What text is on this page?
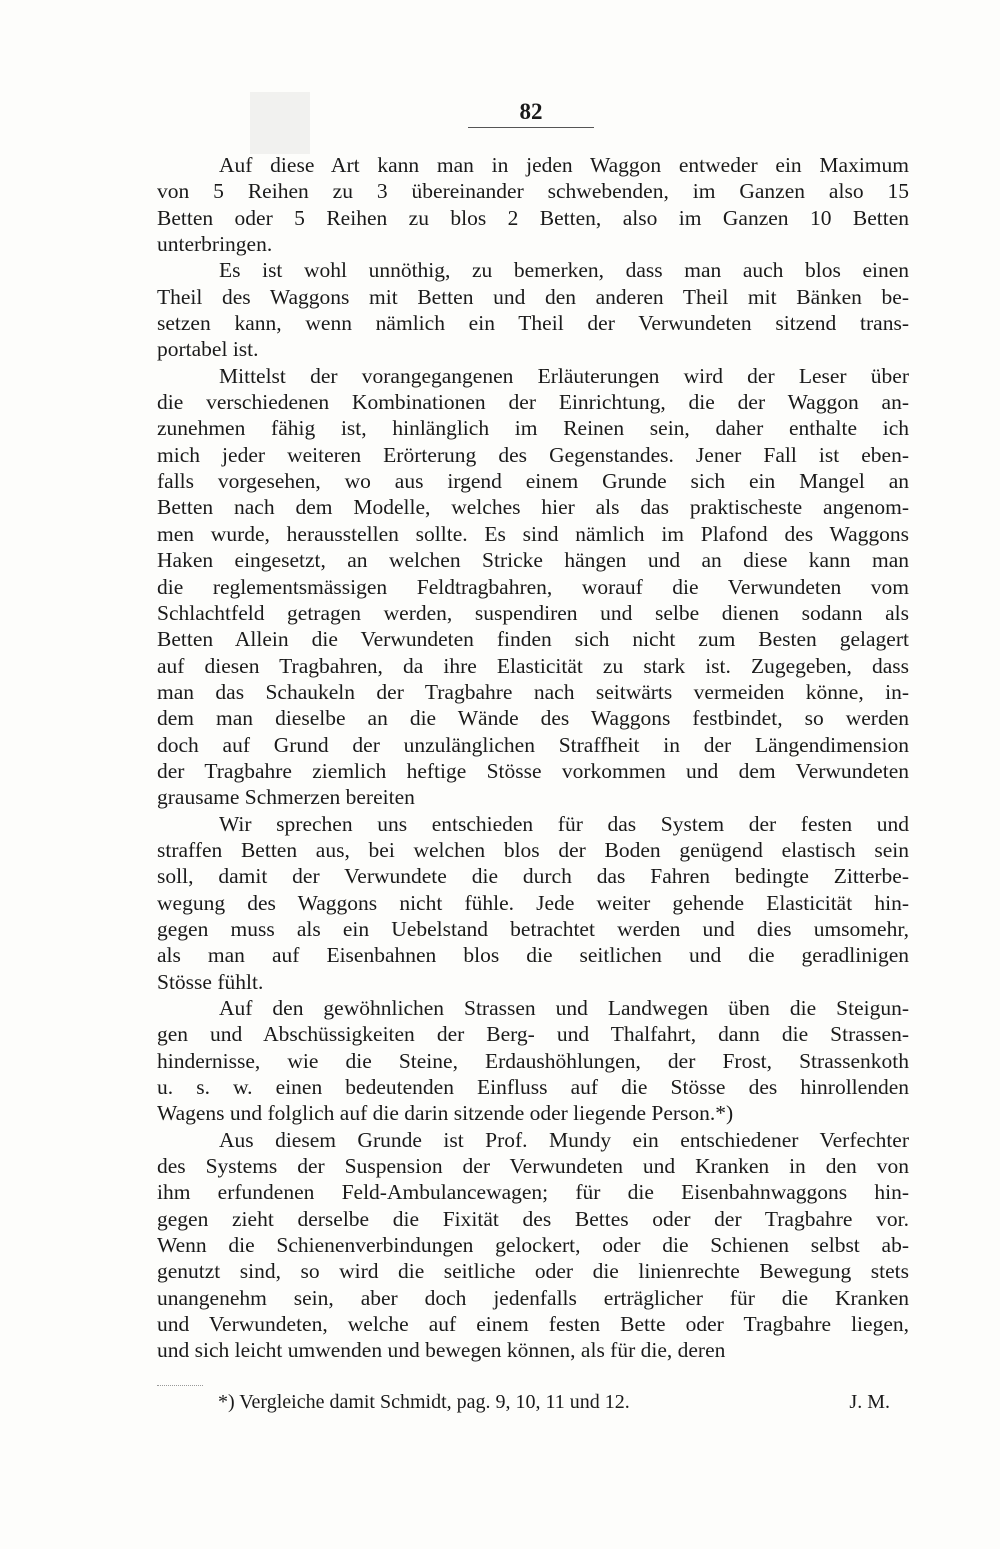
82
Auf diese Art kann man in jeden Waggon entweder ein Maximum
von 5 Reihen zu 3 übereinander schwebenden, im Ganzen also 15
Betten oder 5 Reihen zu blos 2 Betten, also im Ganzen 10 Betten
unterbringen.
Es ist wohl unnöthig, zu bemerken, dass man auch blos einen
Theil des Waggons mit Betten und den anderen Theil mit Bänken be-
setzen kann, wenn nämlich ein Theil der Verwundeten sitzend trans-
portabel ist.
Mittelst der vorangegangenen Erläuterungen wird der Leser über
die verschiedenen Kombinationen der Einrichtung, die der Waggon an-
zunehmen fähig ist, hinlänglich im Reinen sein, daher enthalte ich
mich jeder weiteren Erörterung des Gegenstandes. Jener Fall ist eben-
falls vorgesehen, wo aus irgend einem Grunde sich ein Mangel an
Betten nach dem Modelle, welches hier als das praktischeste angenom-
men wurde, herausstellen sollte. Es sind nämlich im Plafond des Waggons
Haken eingesetzt, an welchen Stricke hängen und an diese kann man
die reglementsmässigen Feldtragbahren, worauf die Verwundeten vom
Schlachtfeld getragen werden, suspendiren und selbe dienen sodann als
Betten Allein die Verwundeten finden sich nicht zum Besten gelagert
auf diesen Tragbahren, da ihre Elasticität zu stark ist. Zugegeben, dass
man das Schaukeln der Tragbahre nach seitwärts vermeiden könne, in-
dem man dieselbe an die Wände des Waggons festbindet, so werden
doch auf Grund der unzulänglichen Straffheit in der Längendimension
der Tragbahre ziemlich heftige Stösse vorkommen und dem Verwundeten
grausame Schmerzen bereiten
Wir sprechen uns entschieden für das System der festen und
straffen Betten aus, bei welchen blos der Boden genügend elastisch sein
soll, damit der Verwundete die durch das Fahren bedingte Zitterbe-
wegung des Waggons nicht fühle. Jede weiter gehende Elasticität hin-
gegen muss als ein Uebelstand betrachtet werden und dies umsomehr,
als man auf Eisenbahnen blos die seitlichen und die geradlinigen
Stösse fühlt.
Auf den gewöhnlichen Strassen und Landwegen üben die Steigun-
gen und Abschüssigkeiten der Berg- und Thalfahrt, dann die Strassen-
hindernisse, wie die Steine, Erdaushöhlungen, der Frost, Strassenkoth
u. s. w. einen bedeutenden Einfluss auf die Stösse des hinrollenden
Wagens und folglich auf die darin sitzende oder liegende Person.*)
Aus diesem Grunde ist Prof. Mundy ein entschiedener Verfechter
des Systems der Suspension der Verwundeten und Kranken in den von
ihm erfundenen Feld-Ambulancewagen; für die Eisenbahnwaggons hin-
gegen zieht derselbe die Fixität des Bettes oder der Tragbahre vor.
Wenn die Schienenverbindungen gelockert, oder die Schienen selbst ab-
genutzt sind, so wird die seitliche oder die linienrechte Bewegung stets
unangenehm sein, aber doch jedenfalls erträglicher für die Kranken
und Verwundeten, welche auf einem festen Bette oder Tragbahre liegen,
und sich leicht umwenden und bewegen können, als für die, deren
*) Vergleiche damit Schmidt, pag. 9, 10, 11 und 12.	J. M.
